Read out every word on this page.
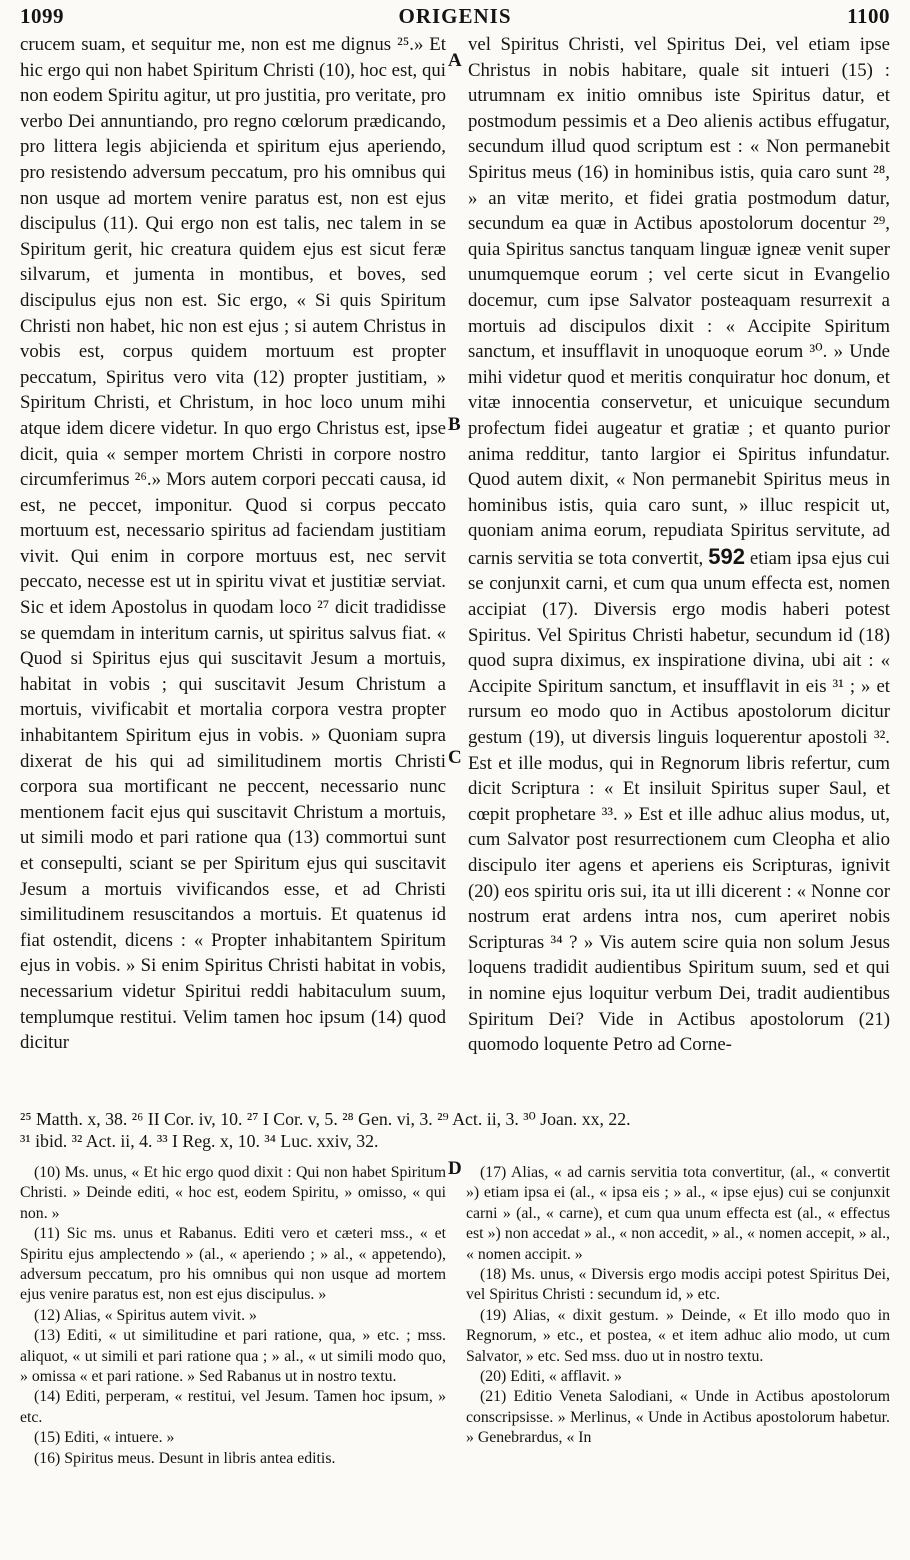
1099	ORIGENIS	1100
A
B
C
D

crucem suam, et sequitur me, non est me dignus ²⁵.» Et hic ergo qui non habet Spiritum Christi (10), hoc est, qui non eodem Spiritu agitur, ut pro justitia, pro veritate, pro verbo Dei annuntiando, pro regno cœlorum prædicando, pro littera legis abjicienda et spiritum ejus aperiendo, pro resistendo adversum peccatum, pro his omnibus qui non usque ad mortem venire paratus est, non est ejus discipulus (11). Qui ergo non est talis, nec talem in se Spiritum gerit, hic creatura quidem ejus est sicut feræ silvarum, et jumenta in montibus, et boves, sed discipulus ejus non est. Sic ergo, « Si quis Spiritum Christi non habet, hic non est ejus ; si autem Christus in vobis est, corpus quidem mortuum est propter peccatum, Spiritus vero vita (12) propter justitiam, » Spiritum Christi, et Christum, in hoc loco unum mihi atque idem dicere videtur. In quo ergo Christus est, ipse dicit, quia « semper mortem Christi in corpore nostro circumferimus ²⁶.» Mors autem corpori peccati causa, id est, ne peccet, imponitur. Quod si corpus peccato mortuum est, necessario spiritus ad faciendam justitiam vivit. Qui enim in corpore mortuus est, nec servit peccato, necesse est ut in spiritu vivat et justitiæ serviat. Sic et idem Apostolus in quodam loco ²⁷ dicit tradidisse se quemdam in interitum carnis, ut spiritus salvus fiat. « Quod si Spiritus ejus qui suscitavit Jesum a mortuis, habitat in vobis ; qui suscitavit Jesum Christum a mortuis, vivificabit et mortalia corpora vestra propter inhabitantem Spiritum ejus in vobis. » Quoniam supra dixerat de his qui ad similitudinem mortis Christi corpora sua mortificant ne peccent, necessario nunc mentionem facit ejus qui suscitavit Christum a mortuis, ut simili modo et pari ratione qua (13) commortui sunt et consepulti, sciant se per Spiritum ejus qui suscitavit Jesum a mortuis vivificandos esse, et ad Christi similitudinem resuscitandos a mortuis. Et quatenus id fiat ostendit, dicens : « Propter inhabitantem Spiritum ejus in vobis. » Si enim Spiritus Christi habitat in vobis, necessarium videtur Spiritui reddi habitaculum suum, templumque restitui. Velim tamen hoc ipsum (14) quod dicitur

vel Spiritus Christi, vel Spiritus Dei, vel etiam ipse Christus in nobis habitare, quale sit intueri (15) : utrumnam ex initio omnibus iste Spiritus datur, et postmodum pessimis et a Deo alienis actibus effugatur, secundum illud quod scriptum est : « Non permanebit Spiritus meus (16) in hominibus istis, quia caro sunt ²⁸, » an vitæ merito, et fidei gratia postmodum datur, secundum ea quæ in Actibus apostolorum docentur ²⁹, quia Spiritus sanctus tanquam linguæ igneæ venit super unumquemque eorum ; vel certe sicut in Evangelio docemur, cum ipse Salvator posteaquam resurrexit a mortuis ad discipulos dixit : « Accipite Spiritum sanctum, et insufflavit in unoquoque eorum ³⁰. » Unde mihi videtur quod et meritis conquiratur hoc donum, et vitæ innocentia conservetur, et unicuique secundum profectum fidei augeatur et gratiæ ; et quanto purior anima redditur, tanto largior ei Spiritus infundatur. Quod autem dixit, « Non permanebit Spiritus meus in hominibus istis, quia caro sunt, » illuc respicit ut, quoniam anima eorum, repudiata Spiritus servitute, ad carnis servitia se tota convertit, 592 etiam ipsa ejus cui se conjunxit carni, et cum qua unum effecta est, nomen accipiat (17). Diversis ergo modis haberi potest Spiritus. Vel Spiritus Christi habetur, secundum id (18) quod supra diximus, ex inspiratione divina, ubi ait : « Accipite Spiritum sanctum, et insufflavit in eis ³¹ ; » et rursum eo modo quo in Actibus apostolorum dicitur gestum (19), ut diversis linguis loquerentur apostoli ³². Est et ille modus, qui in Regnorum libris refertur, cum dicit Scriptura : « Et insiluit Spiritus super Saul, et cœpit prophetare ³³. » Est et ille adhuc alius modus, ut, cum Salvator post resurrectionem cum Cleopha et alio discipulo iter agens et aperiens eis Scripturas, ignivit (20) eos spiritu oris sui, ita ut illi dicerent : « Nonne cor nostrum erat ardens intra nos, cum aperiret nobis Scripturas ³⁴ ? » Vis autem scire quia non solum Jesus loquens tradidit audientibus Spiritum suum, sed et qui in nomine ejus loquitur verbum Dei, tradit audientibus Spiritum Dei? Vide in Actibus apostolorum (21) quomodo loquente Petro ad Corne-

²⁵ Matth. x, 38. ²⁶ II Cor. iv, 10. ²⁷ I Cor. v, 5. ²⁸ Gen. vi, 3. ²⁹ Act. ii, 3. ³⁰ Joan. xx, 22.

³¹ ibid. ³² Act. ii, 4. ³³ I Reg. x, 10. ³⁴ Luc. xxiv, 32.

(10) Ms. unus, « Et hic ergo quod dixit : Qui non habet Spiritum Christi. » Deinde editi, « hoc est, eodem Spiritu, » omisso, « qui non. »

(11) Sic ms. unus et Rabanus. Editi vero et cæteri mss., « et Spiritu ejus amplectendo » (al., « aperiendo ; » al., « appetendo), adversum peccatum, pro his omnibus qui non usque ad mortem ejus venire paratus est, non est ejus discipulus. »

(12) Alias, « Spiritus autem vivit. »

(13) Editi, « ut similitudine et pari ratione, qua, » etc. ; mss. aliquot, « ut simili et pari ratione qua ; » al., « ut simili modo quo, » omissa « et pari ratione. » Sed Rabanus ut in nostro textu.

(14) Editi, perperam, « restitui, vel Jesum. Tamen hoc ipsum, » etc.

(15) Editi, « intuere. »

(16) Spiritus meus. Desunt in libris antea editis.

(17) Alias, « ad carnis servitia tota convertitur, (al., « convertit ») etiam ipsa ei (al., « ipsa eis ; » al., « ipse ejus) cui se conjunxit carni » (al., « carne), et cum qua unum effecta est (al., « effectus est ») non accedat » al., « non accedit, » al., « nomen accepit, » al., « nomen accipit. »

(18) Ms. unus, « Diversis ergo modis accipi potest Spiritus Dei, vel Spiritus Christi : secundum id, » etc.

(19) Alias, « dixit gestum. » Deinde, « Et illo modo quo in Regnorum, » etc., et postea, « et item adhuc alio modo, ut cum Salvator, » etc. Sed mss. duo ut in nostro textu.

(20) Editi, « afflavit. »

(21) Editio Veneta Salodiani, « Unde in Actibus apostolorum conscripsisse. » Merlinus, « Unde in Actibus apostolorum habetur. » Genebrardus, « In
